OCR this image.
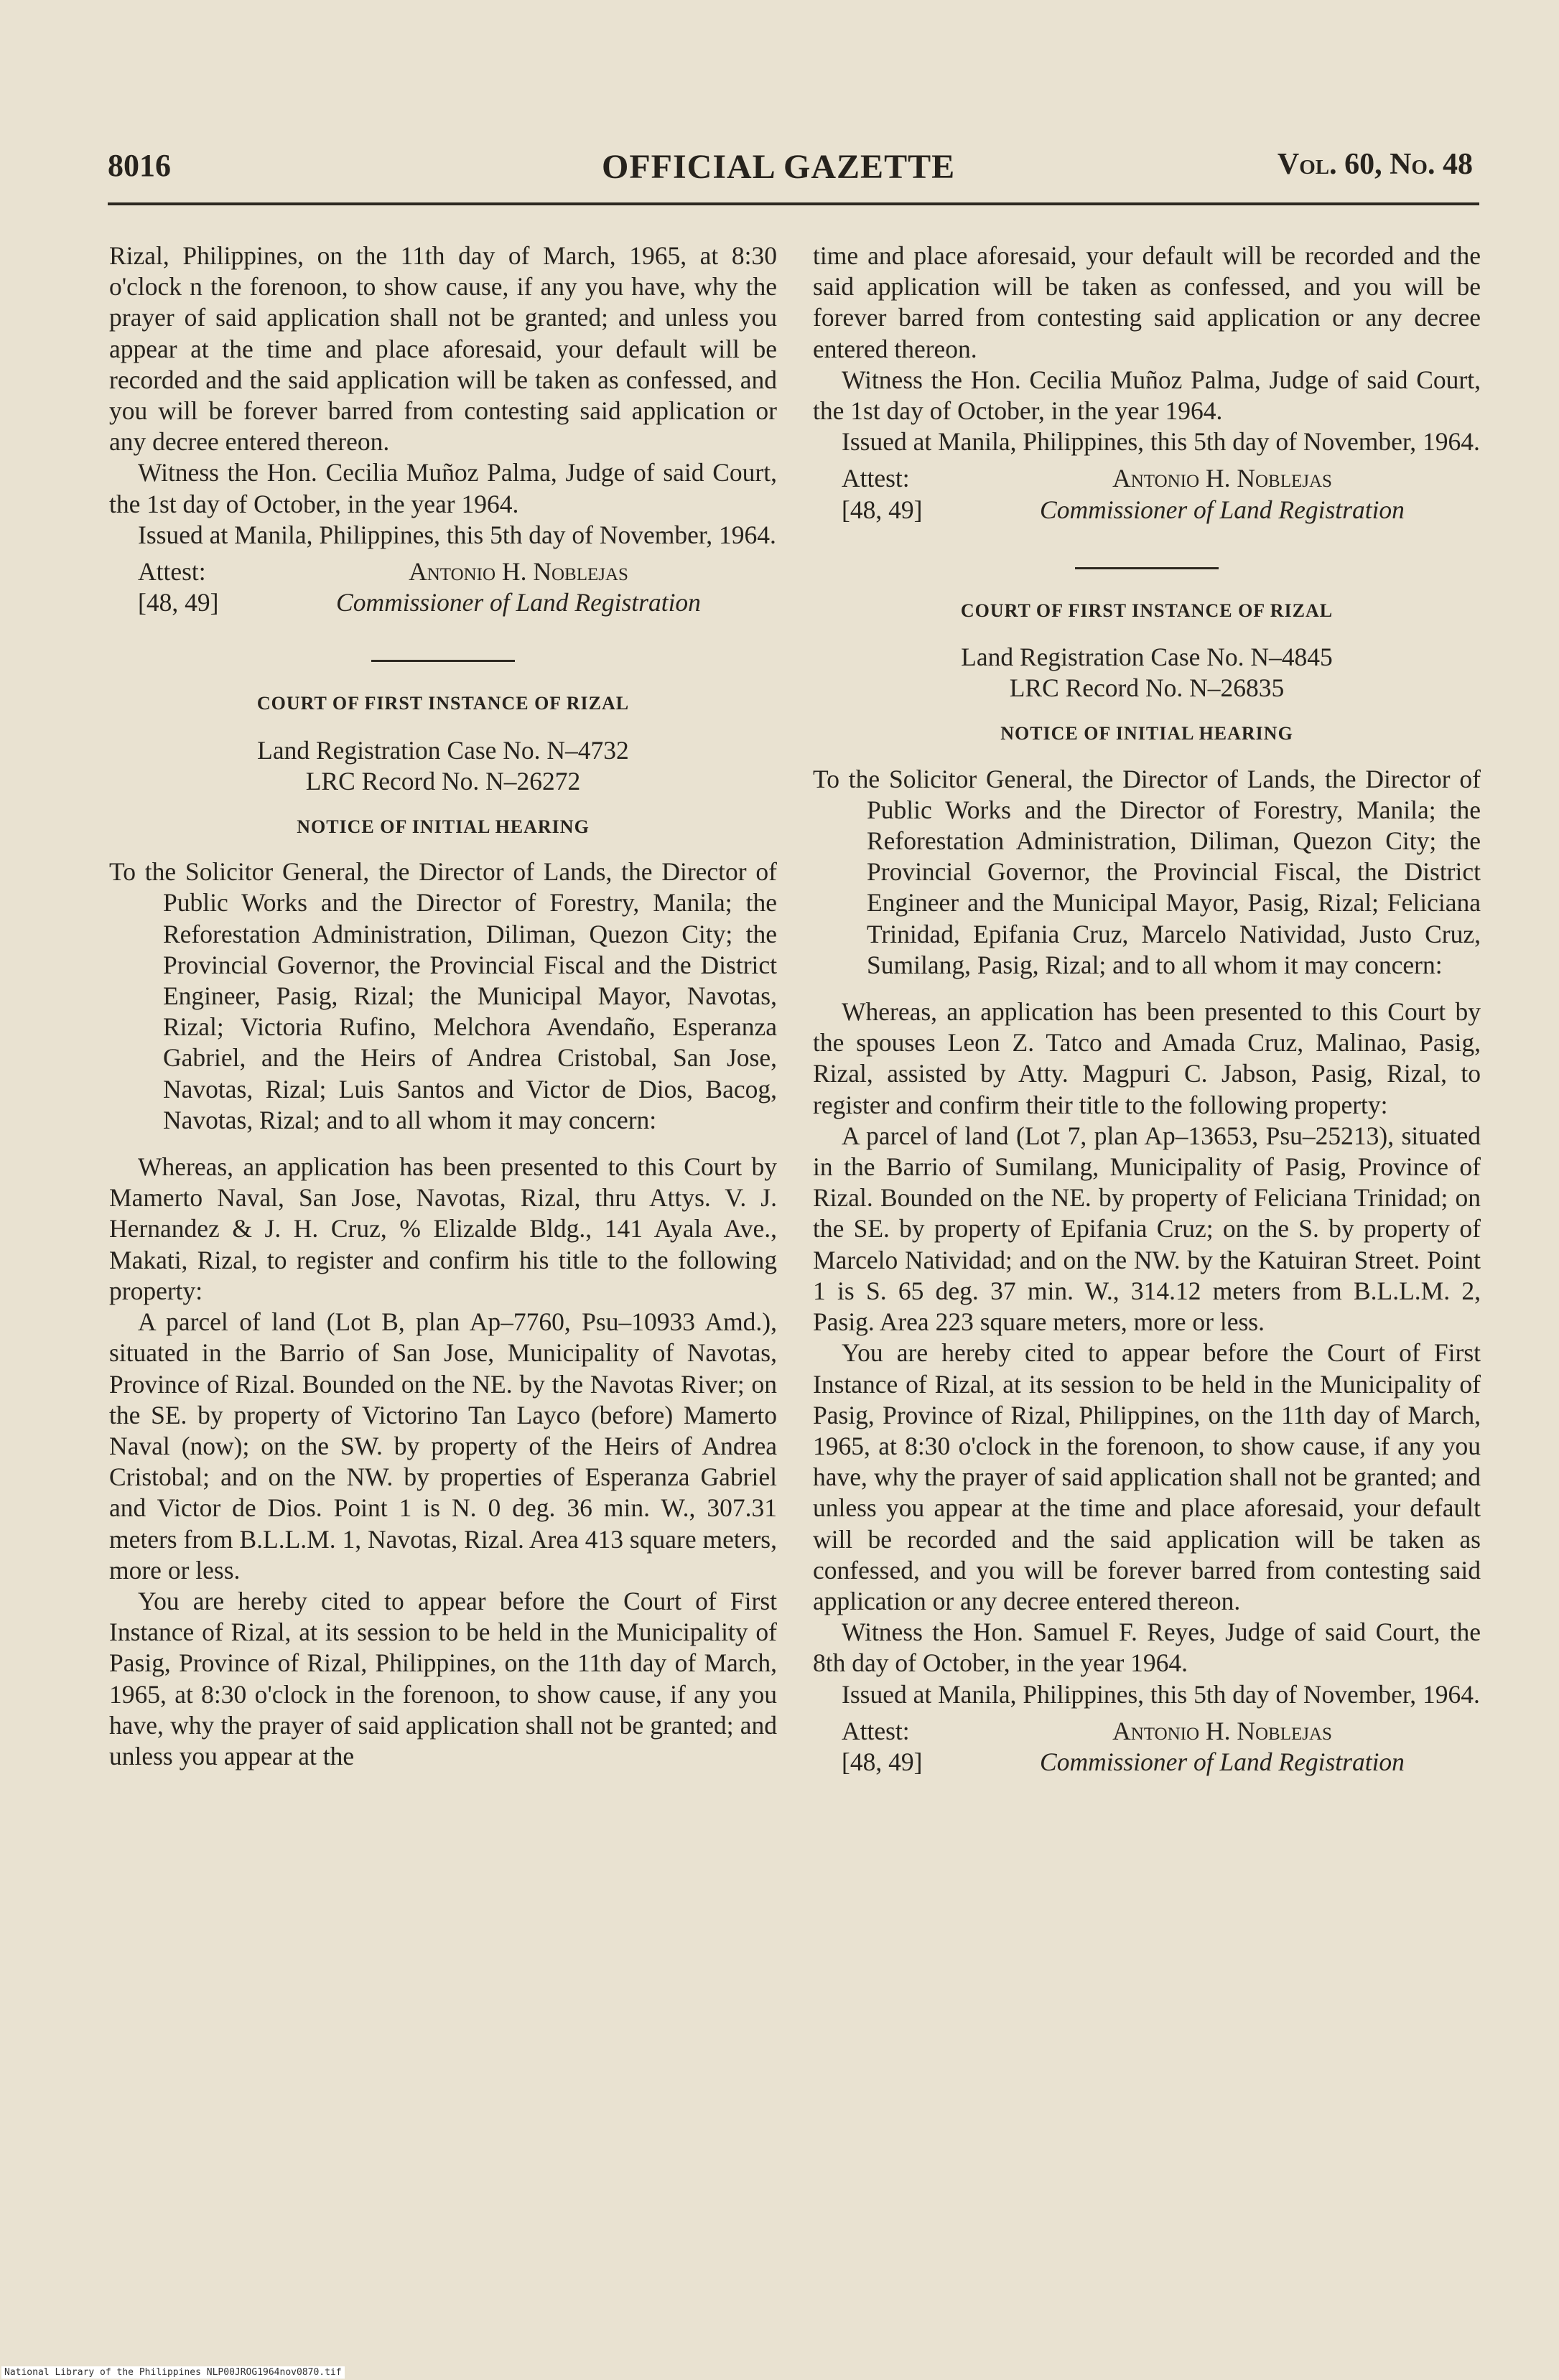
8016	OFFICIAL GAZETTE	Vol. 60, No. 48

Rizal, Philippines, on the 11th day of March, 1965, at 8:30 o'clock n the forenoon, to show cause, if any you have, why the prayer of said application shall not be granted; and unless you appear at the time and place aforesaid, your default will be recorded and the said application will be taken as confessed, and you will be forever barred from contesting said application or any decree entered thereon.

Witness the Hon. Cecilia Muñoz Palma, Judge of said Court, the 1st day of October, in the year 1964.

Issued at Manila, Philippines, this 5th day of November, 1964.

Attest:
[48, 49]
Antonio H. Noblejas
Commissioner of Land Registration

COURT OF FIRST INSTANCE OF RIZAL

Land Registration Case No. N–4732

LRC Record No. N–26272

NOTICE OF INITIAL HEARING

To the Solicitor General, the Director of Lands, the Director of Public Works and the Director of Forestry, Manila; the Reforestation Administration, Diliman, Quezon City; the Provincial Governor, the Provincial Fiscal and the District Engineer, Pasig, Rizal; the Municipal Mayor, Navotas, Rizal; Victoria Rufino, Melchora Avendaño, Esperanza Gabriel, and the Heirs of Andrea Cristobal, San Jose, Navotas, Rizal; Luis Santos and Victor de Dios, Bacog, Navotas, Rizal; and to all whom it may concern:

Whereas, an application has been presented to this Court by Mamerto Naval, San Jose, Navotas, Rizal, thru Attys. V. J. Hernandez & J. H. Cruz, % Elizalde Bldg., 141 Ayala Ave., Makati, Rizal, to register and confirm his title to the following property:

A parcel of land (Lot B, plan Ap–7760, Psu–10933 Amd.), situated in the Barrio of San Jose, Municipality of Navotas, Province of Rizal. Bounded on the NE. by the Navotas River; on the SE. by property of Victorino Tan Layco (before) Mamerto Naval (now); on the SW. by property of the Heirs of Andrea Cristobal; and on the NW. by properties of Esperanza Gabriel and Victor de Dios. Point 1 is N. 0 deg. 36 min. W., 307.31 meters from B.L.L.M. 1, Navotas, Rizal. Area 413 square meters, more or less.

You are hereby cited to appear before the Court of First Instance of Rizal, at its session to be held in the Municipality of Pasig, Province of Rizal, Philippines, on the 11th day of March, 1965, at 8:30 o'clock in the forenoon, to show cause, if any you have, why the prayer of said application shall not be granted; and unless you appear at the

time and place aforesaid, your default will be recorded and the said application will be taken as confessed, and you will be forever barred from contesting said application or any decree entered thereon.

Witness the Hon. Cecilia Muñoz Palma, Judge of said Court, the 1st day of October, in the year 1964.

Issued at Manila, Philippines, this 5th day of November, 1964.

Attest:
[48, 49]
Antonio H. Noblejas
Commissioner of Land Registration

COURT OF FIRST INSTANCE OF RIZAL

Land Registration Case No. N–4845

LRC Record No. N–26835

NOTICE OF INITIAL HEARING

To the Solicitor General, the Director of Lands, the Director of Public Works and the Director of Forestry, Manila; the Reforestation Administration, Diliman, Quezon City; the Provincial Governor, the Provincial Fiscal, the District Engineer and the Municipal Mayor, Pasig, Rizal; Feliciana Trinidad, Epifania Cruz, Marcelo Natividad, Justo Cruz, Sumilang, Pasig, Rizal; and to all whom it may concern:

Whereas, an application has been presented to this Court by the spouses Leon Z. Tatco and Amada Cruz, Malinao, Pasig, Rizal, assisted by Atty. Magpuri C. Jabson, Pasig, Rizal, to register and confirm their title to the following property:

A parcel of land (Lot 7, plan Ap–13653, Psu–25213), situated in the Barrio of Sumilang, Municipality of Pasig, Province of Rizal. Bounded on the NE. by property of Feliciana Trinidad; on the SE. by property of Epifania Cruz; on the S. by property of Marcelo Natividad; and on the NW. by the Katuiran Street. Point 1 is S. 65 deg. 37 min. W., 314.12 meters from B.L.L.M. 2, Pasig. Area 223 square meters, more or less.

You are hereby cited to appear before the Court of First Instance of Rizal, at its session to be held in the Municipality of Pasig, Province of Rizal, Philippines, on the 11th day of March, 1965, at 8:30 o'clock in the forenoon, to show cause, if any you have, why the prayer of said application shall not be granted; and unless you appear at the time and place aforesaid, your default will be recorded and the said application will be taken as confessed, and you will be forever barred from contesting said application or any decree entered thereon.

Witness the Hon. Samuel F. Reyes, Judge of said Court, the 8th day of October, in the year 1964.

Issued at Manila, Philippines, this 5th day of November, 1964.

Attest:
[48, 49]
Antonio H. Noblejas
Commissioner of Land Registration
National Library of the Philippines NLP00JROG1964nov0870.tif
